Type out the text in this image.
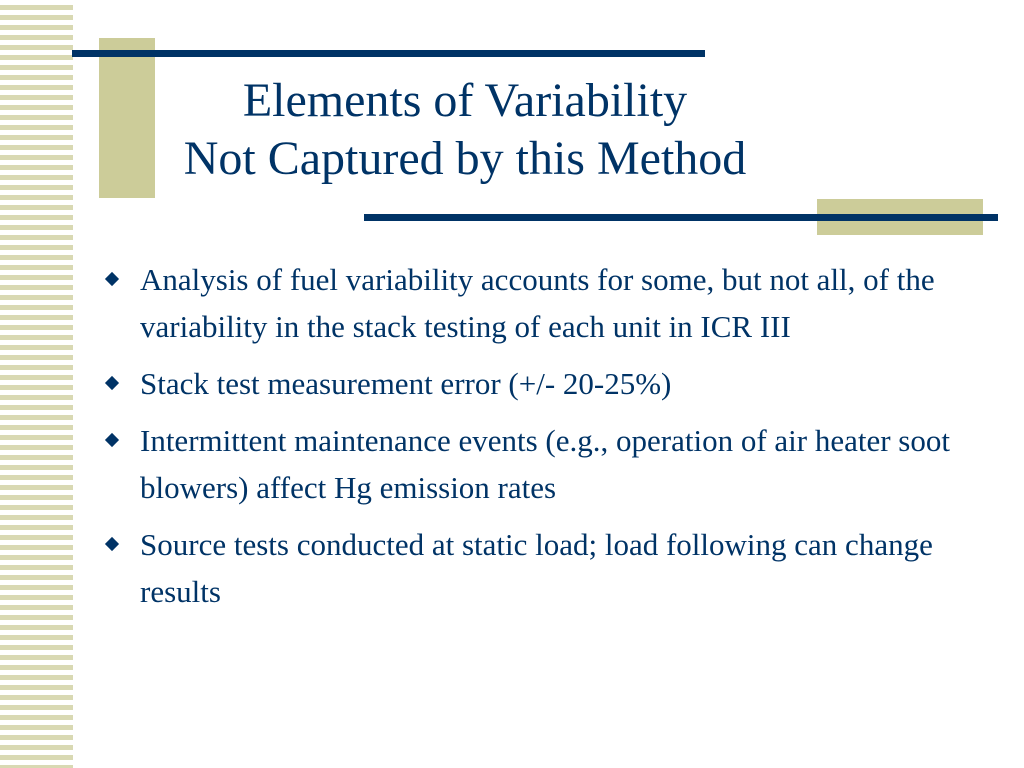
Elements of Variability
Not Captured by this Method
Analysis of fuel variability accounts for some, but not all, of the variability in the stack testing of each unit in ICR III
Stack test measurement error (+/- 20-25%)
Intermittent maintenance events (e.g., operation of air heater soot blowers) affect Hg emission rates
Source tests conducted at static load; load following can change results
